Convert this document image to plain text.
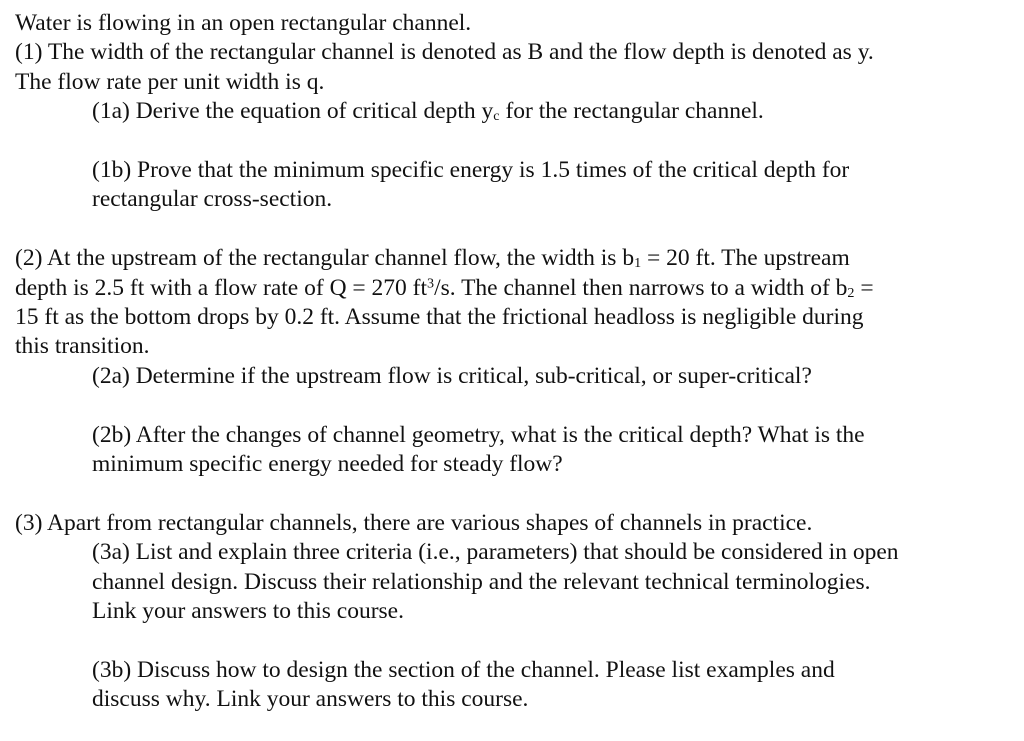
Water is flowing in an open rectangular channel.

(1) The width of the rectangular channel is denoted as B and the flow depth is denoted as y.

The flow rate per unit width is q.

(1a) Derive the equation of critical depth $y_c$ for the rectangular channel.

(1b) Prove that the minimum specific energy is 1.5 times of the critical depth for

rectangular cross-section.

(2) At the upstream of the rectangular channel flow, the width is $b_1 = 20$ ft. The upstream

depth is 2.5 ft with a flow rate of Q = 270 $ft^3/s$. The channel then narrows to a width of $b_2$ =

15 ft as the bottom drops by 0.2 ft. Assume that the frictional headloss is negligible during

this transition.

(2a) Determine if the upstream flow is critical, sub-critical, or super-critical?

(2b) After the changes of channel geometry, what is the critical depth? What is the

minimum specific energy needed for steady flow?

(3) Apart from rectangular channels, there are various shapes of channels in practice.

(3a) List and explain three criteria (i.e., parameters) that should be considered in open

channel design. Discuss their relationship and the relevant technical terminologies.

Link your answers to this course.

(3b) Discuss how to design the section of the channel. Please list examples and

discuss why. Link your answers to this course.
